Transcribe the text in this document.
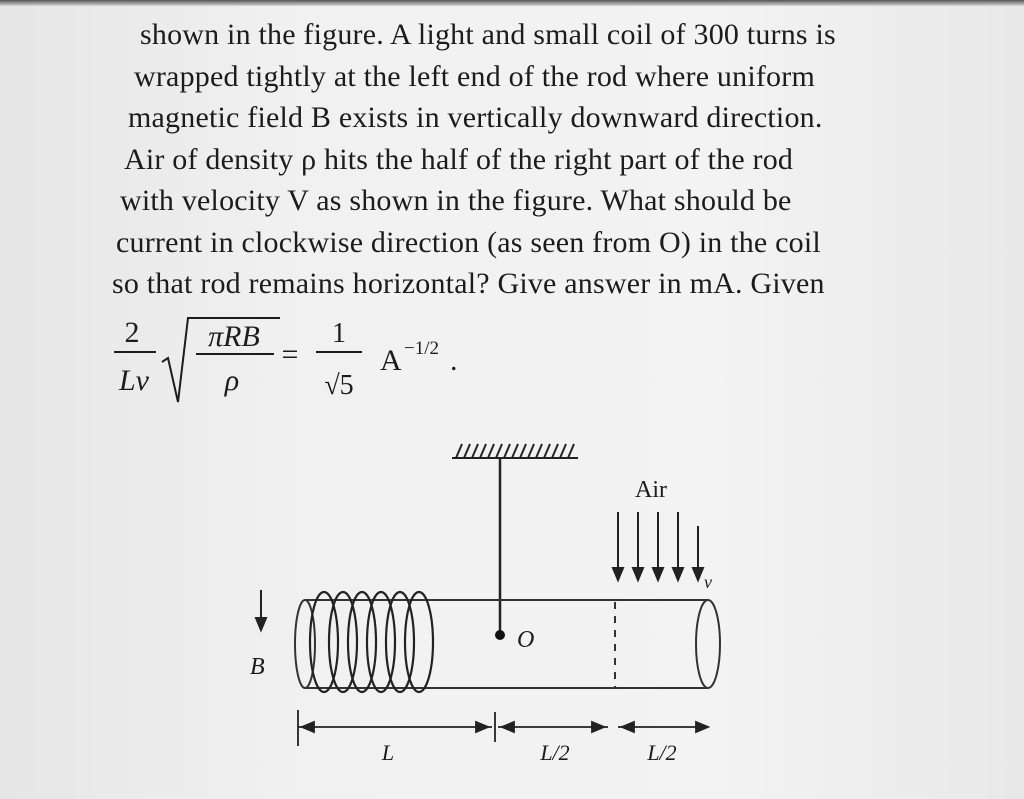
shown in the figure. A light and small coil of 300 turns is
wrapped tightly at the left end of the rod where uniform
magnetic field B exists in vertically downward direction.
Air of density ρ hits the half of the right part of the rod
with velocity V as shown in the figure. What should be
current in clockwise direction (as seen from O) in the coil
so that rod remains horizontal? Give answer in mA. Given
2
Lv
πRB
ρ
=
1
√5
A −1/2 .
O
Air
v
B
L	L/2	L/2
